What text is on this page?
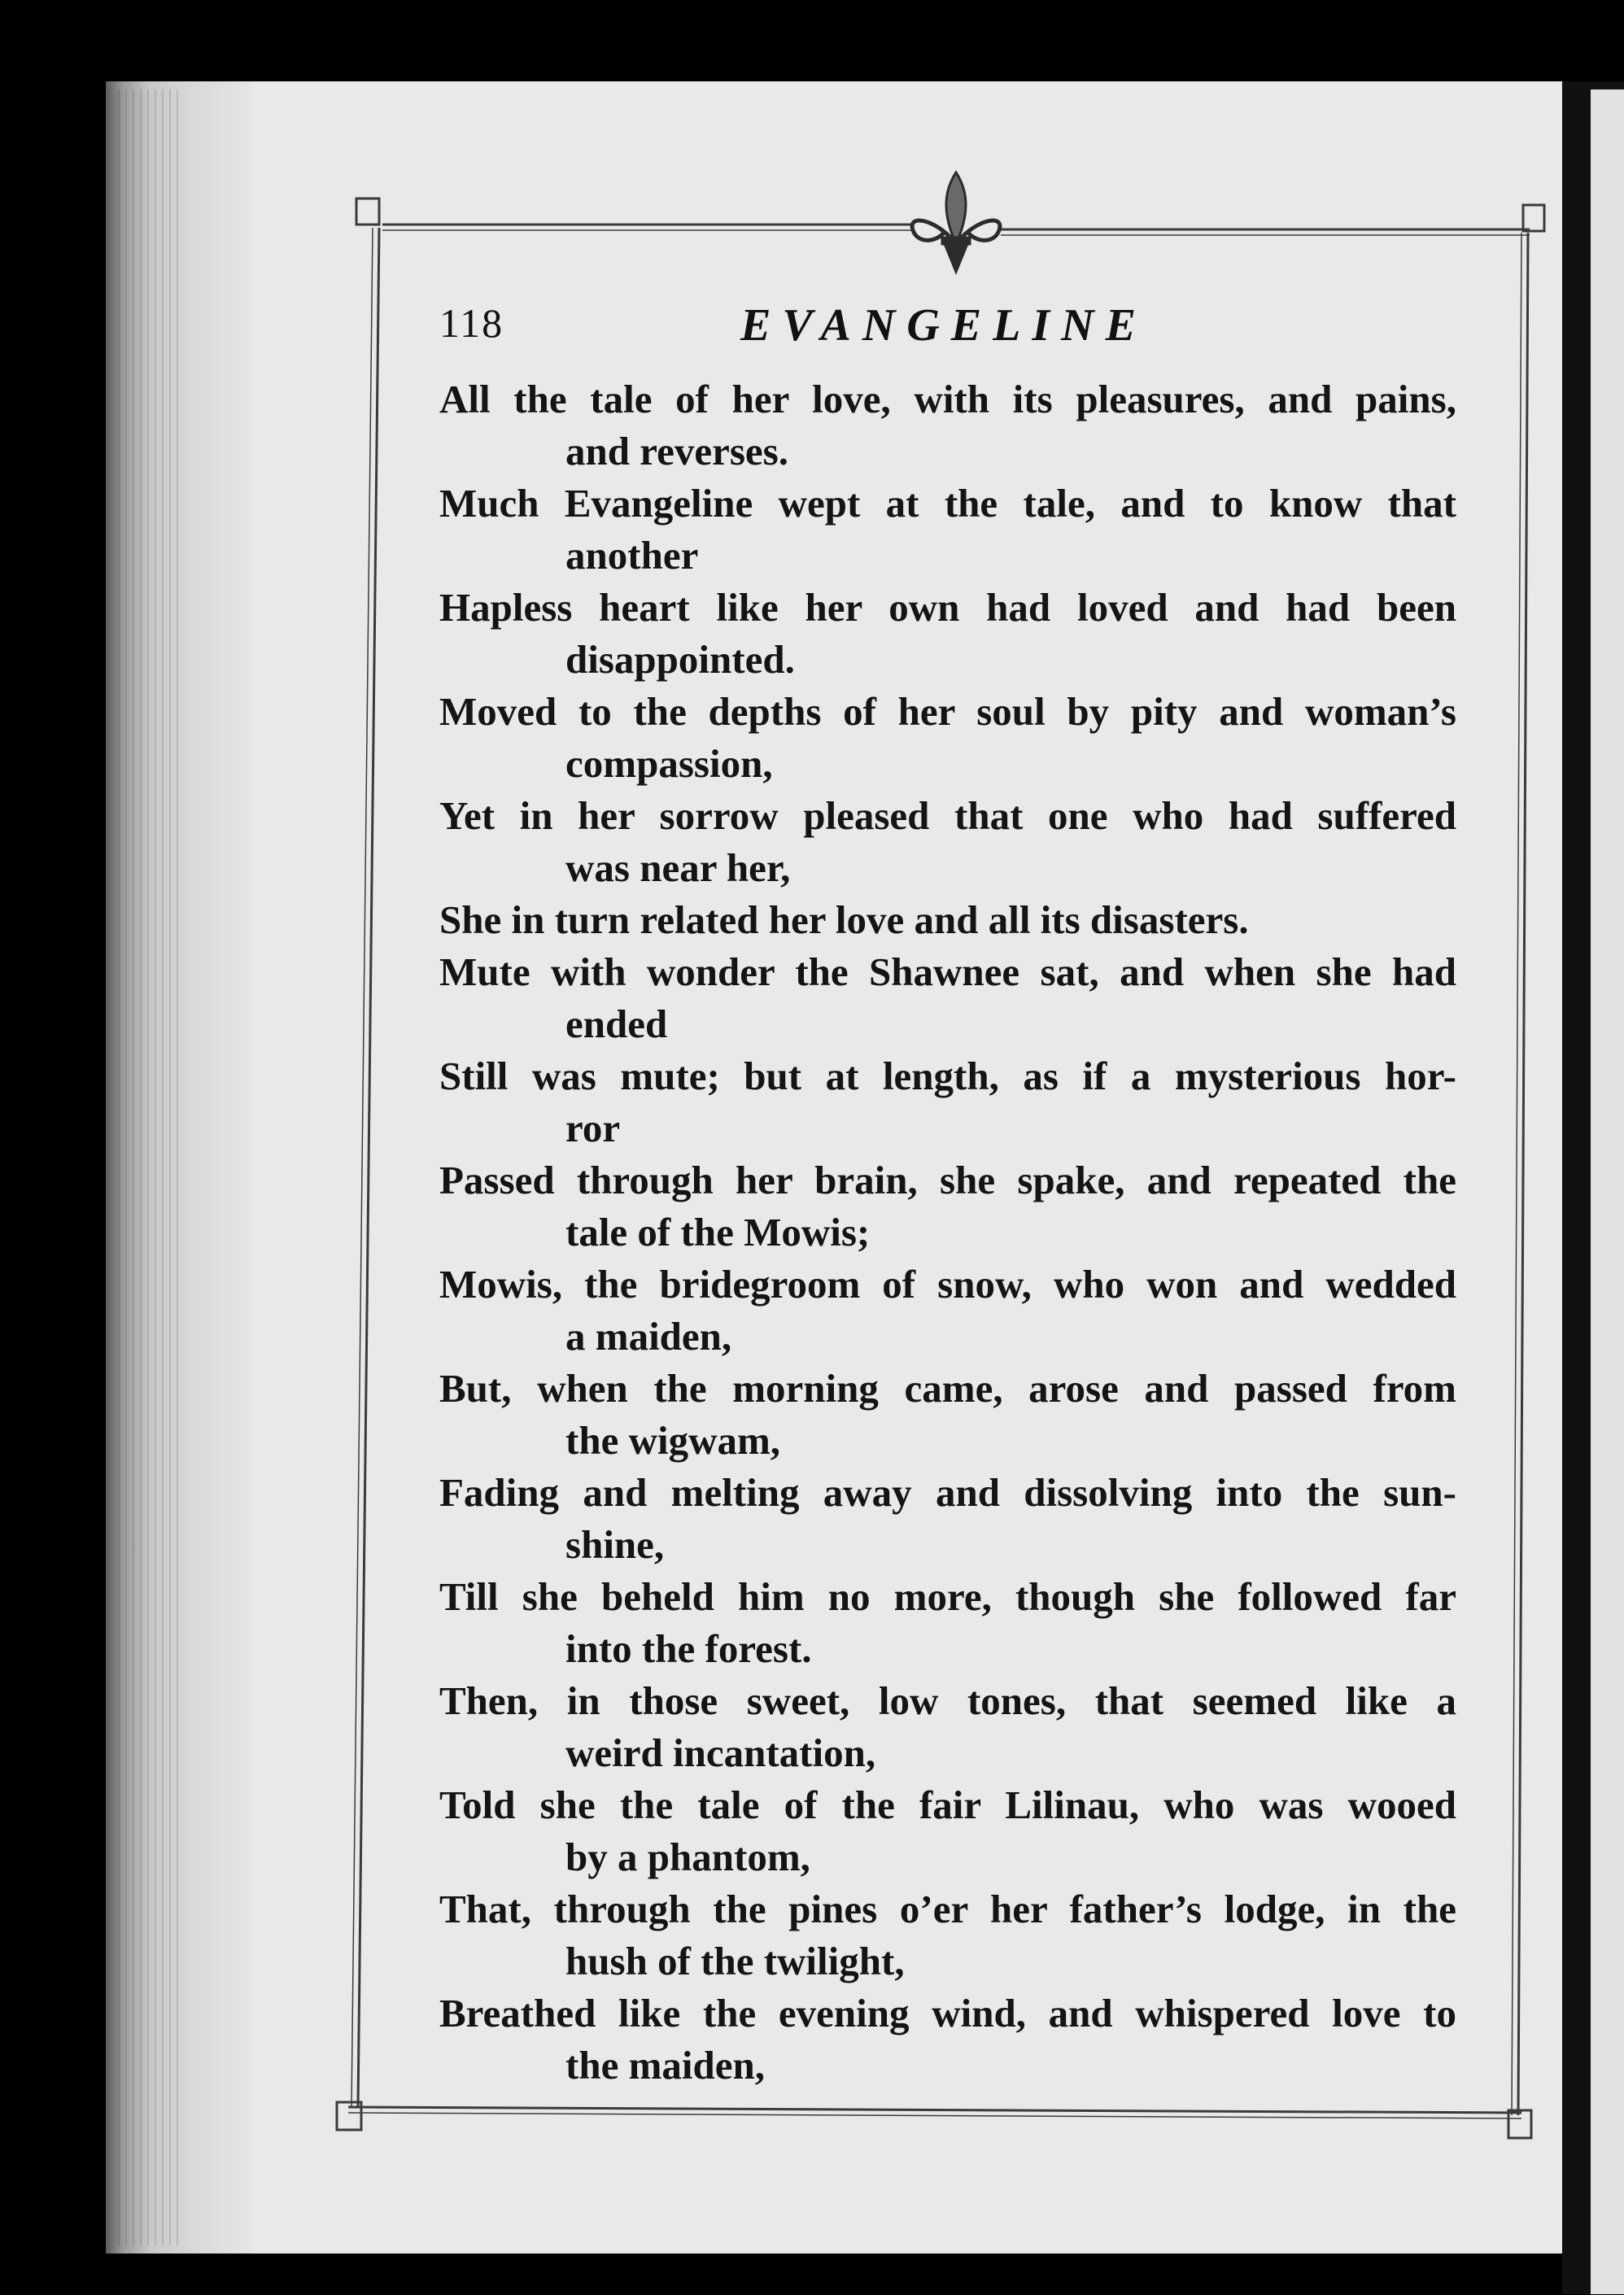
118	EVANGELINE
All the tale of her love, with its pleasures, and pains,
and reverses.
Much Evangeline wept at the tale, and to know that
another
Hapless heart like her own had loved and had been
disappointed.
Moved to the depths of her soul by pity and woman’s
compassion,
Yet in her sorrow pleased that one who had suffered
was near her,
She in turn related her love and all its disasters.
Mute with wonder the Shawnee sat, and when she had
ended
Still was mute; but at length, as if a mysterious hor-
ror
Passed through her brain, she spake, and repeated the
tale of the Mowis;
Mowis, the bridegroom of snow, who won and wedded
a maiden,
But, when the morning came, arose and passed from
the wigwam,
Fading and melting away and dissolving into the sun-
shine,
Till she beheld him no more, though she followed far
into the forest.
Then, in those sweet, low tones, that seemed like a
weird incantation,
Told she the tale of the fair Lilinau, who was wooed
by a phantom,
That, through the pines o’er her father’s lodge, in the
hush of the twilight,
Breathed like the evening wind, and whispered love to
the maiden,
